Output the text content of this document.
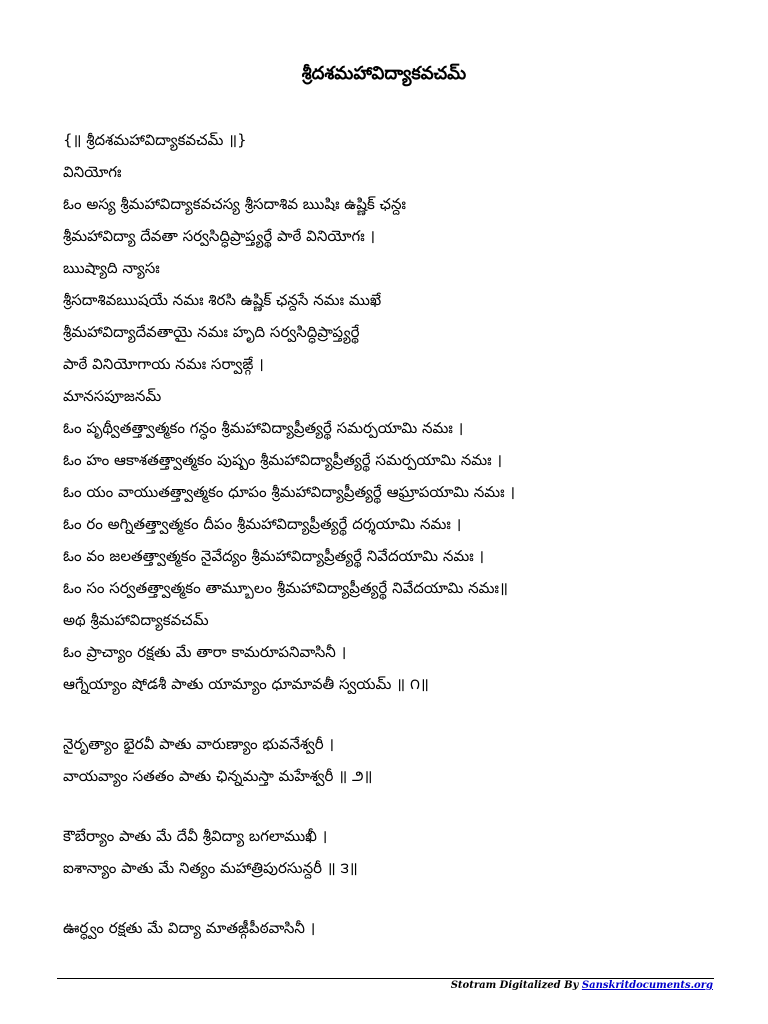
శ్రీదశమహావిద్యాకవచమ్
{॥ శ్రీదశమహావిద్యాకవచమ్ ॥}
వినియోగః
ఓం అస్య శ్రీమహావిద్యాకవచస్య శ్రీసదాశివ ఋషిః ఉష్ణిక్ ఛన్దః
శ్రీమహావిద్యా దేవతా సర్వసిద్ధిప్రాప్త్యర్థే పాఠే వినియోగః ।
ఋష్యాది న్యాసః
శ్రీసదాశివఋషయే నమః శిరసి ఉష్ణిక్ ఛన్దసే నమః ముఖే
శ్రీమహావిద్యాదేవతాయై నమః హృది సర్వసిద్ధిప్రాప్త్యర్థే
పాఠే వినియోగాయ నమః సర్వాఙ్గే ।
మానసపూజనమ్
ఓం పృథ్వీతత్త్వాత్మకం గన్ధం శ్రీమహావిద్యాప్రీత్యర్థే సమర్పయామి నమః ।
ఓం హం ఆకాశతత్త్వాత్మకం పుష్పం శ్రీమహావిద్యాప్రీత్యర్థే సమర్పయామి నమః ।
ఓం యం వాయుతత్త్వాత్మకం ధూపం శ్రీమహావిద్యాప్రీత్యర్థే ఆఘ్రాపయామి నమః ।
ఓం రం అగ్నితత్త్వాత్మకం దీపం శ్రీమహావిద్యాప్రీత్యర్థే దర్శయామి నమః ।
ఓం వం జలతత్త్వాత్మకం నైవేద్యం శ్రీమహావిద్యాప్రీత్యర్థే నివేదయామి నమః ।
ఓం సం సర్వతత్త్వాత్మకం తామ్బూలం శ్రీమహావిద్యాప్రీత్యర్థే నివేదయామి నమః॥
అథ శ్రీమహావిద్యాకవచమ్
ఓం ప్రాచ్యాం రక్షతు మే తారా కామరూపనివాసినీ ।
ఆగ్నేయ్యాం షోడశీ పాతు యామ్యాం ధూమావతీ స్వయమ్ ॥ ౧॥
నైరృత్యాం భైరవీ పాతు వారుణ్యాం భువనేశ్వరీ ।
వాయవ్యాం సతతం పాతు ఛిన్నమస్తా మహేశ్వరీ ॥ ౨॥
కౌబేర్యాం పాతు మే దేవీ శ్రీవిద్యా బగలాముఖీ ।
ఐశాన్యాం పాతు మే నిత్యం మహాత్రిపురసున్దరీ ॥ ౩॥
ఊర్ధ్వం రక్షతు మే విద్యా మాతఙ్గీపీఠవాసినీ ।
Stotram Digitalized By Sanskritdocuments.org
